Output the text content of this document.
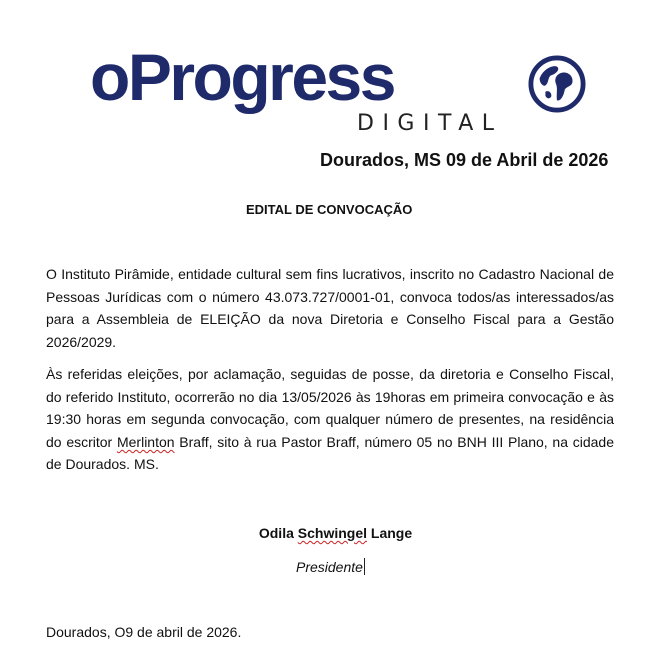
oProgress

DIGITAL

Dourados, MS 09 de Abril de 2026

EDITAL DE CONVOCAÇÃO

O Instituto Pirâmide, entidade cultural sem fins lucrativos, inscrito no Cadastro Nacional de Pessoas Jurídicas com o número 43.073.727/0001-01, convoca todos/as interessados/as para a Assembleia de ELEIÇÃO da nova Diretoria e Conselho Fiscal para a Gestão 2026/2029.

Às referidas eleições, por aclamação, seguidas de posse, da diretoria e Conselho Fiscal, do referido Instituto, ocorrerão no dia 13/05/2026 às 19horas em primeira convocação e às 19:30 horas em segunda convocação, com qualquer número de presentes, na residência do escritor Merlinton Braff, sito à rua Pastor Braff, número 05 no BNH III Plano, na cidade de Dourados. MS.

Odila Schwingel Lange

Presidente

Dourados, O9 de abril de 2026.
